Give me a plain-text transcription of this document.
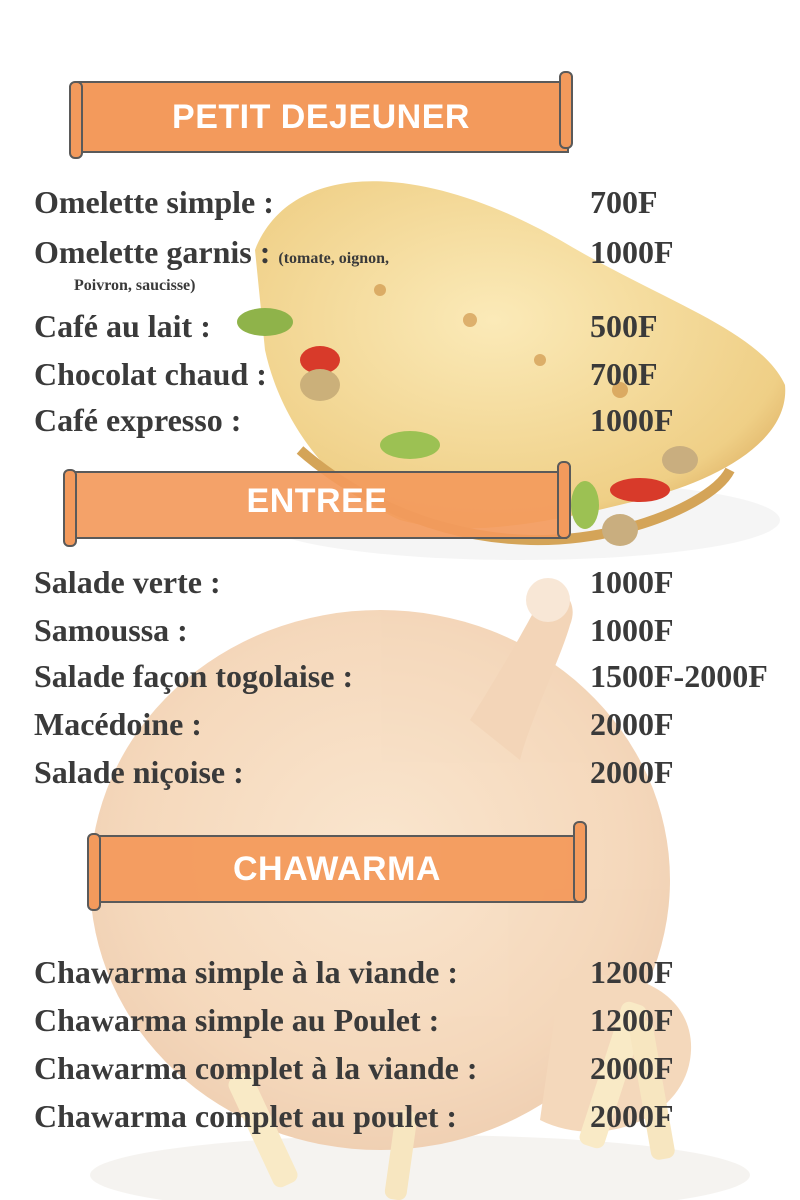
PETIT DEJEUNER
Omelette simple :	700F
Omelette garnis : (tomate, oignon,	1000F
Poivron, saucisse)
Café au lait :	500F
Chocolat chaud :	700F
Café expresso :	1000F
ENTREE
Salade verte :	1000F
Samoussa :	1000F
Salade façon togolaise :	1500F-2000F
Macédoine :	2000F
Salade niçoise :	2000F
CHAWARMA
Chawarma simple à la viande :	1200F
Chawarma simple au Poulet :	1200F
Chawarma complet à la viande :	2000F
Chawarma complet au poulet :	2000F
